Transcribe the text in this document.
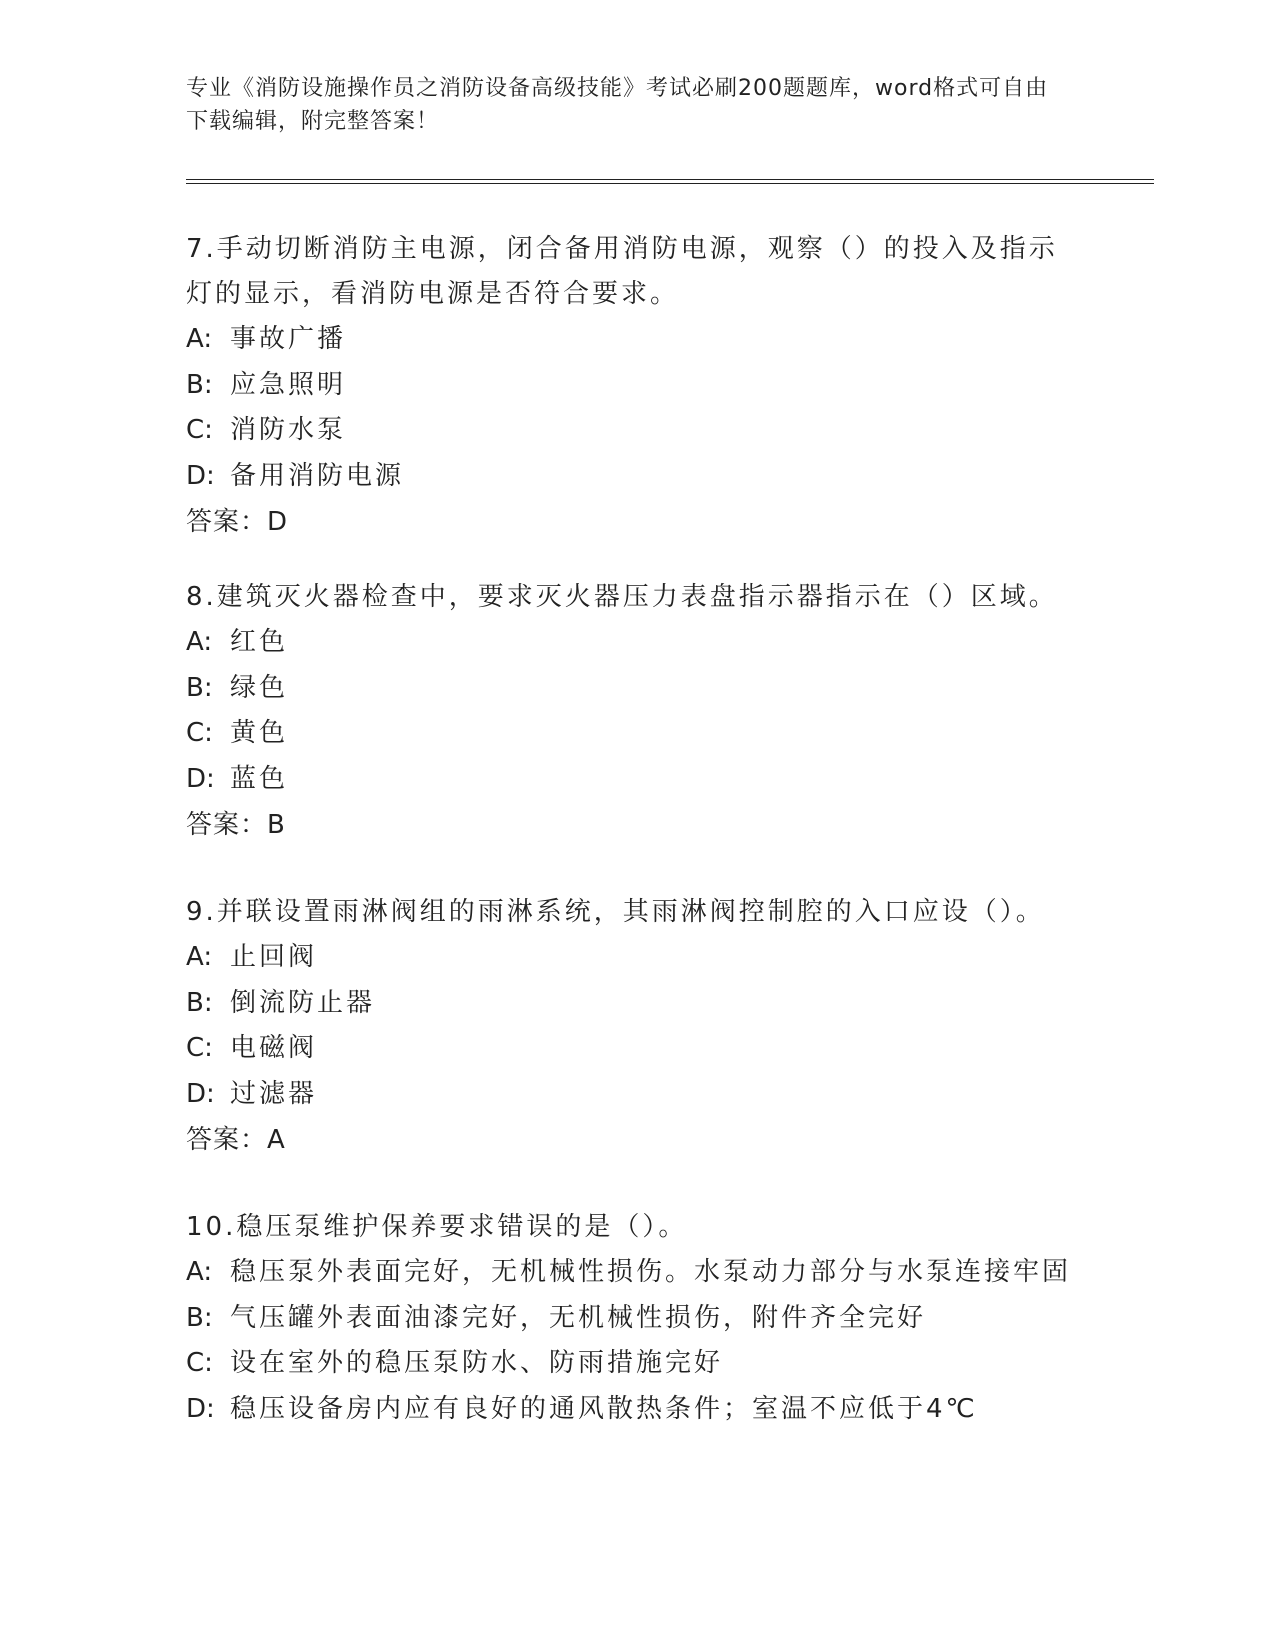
专业《消防设施操作员之消防设备高级技能》考试必刷200题题库，word格式可自由下载编辑，附完整答案！

7.手动切断消防主电源，闭合备用消防电源，观察（）的投入及指示灯的显示，看消防电源是否符合要求。

A: 事故广播

B: 应急照明

C: 消防水泵

D: 备用消防电源

答案：D

8.建筑灭火器检查中，要求灭火器压力表盘指示器指示在（）区域。

A: 红色

B: 绿色

C: 黄色

D: 蓝色

答案：B

9.并联设置雨淋阀组的雨淋系统，其雨淋阀控制腔的入口应设（）。

A: 止回阀

B: 倒流防止器

C: 电磁阀

D: 过滤器

答案：A

10.稳压泵维护保养要求错误的是（）。

A: 稳压泵外表面完好，无机械性损伤。水泵动力部分与水泵连接牢固

B: 气压罐外表面油漆完好，无机械性损伤，附件齐全完好

C: 设在室外的稳压泵防水、防雨措施完好

D: 稳压设备房内应有良好的通风散热条件；室温不应低于4℃
